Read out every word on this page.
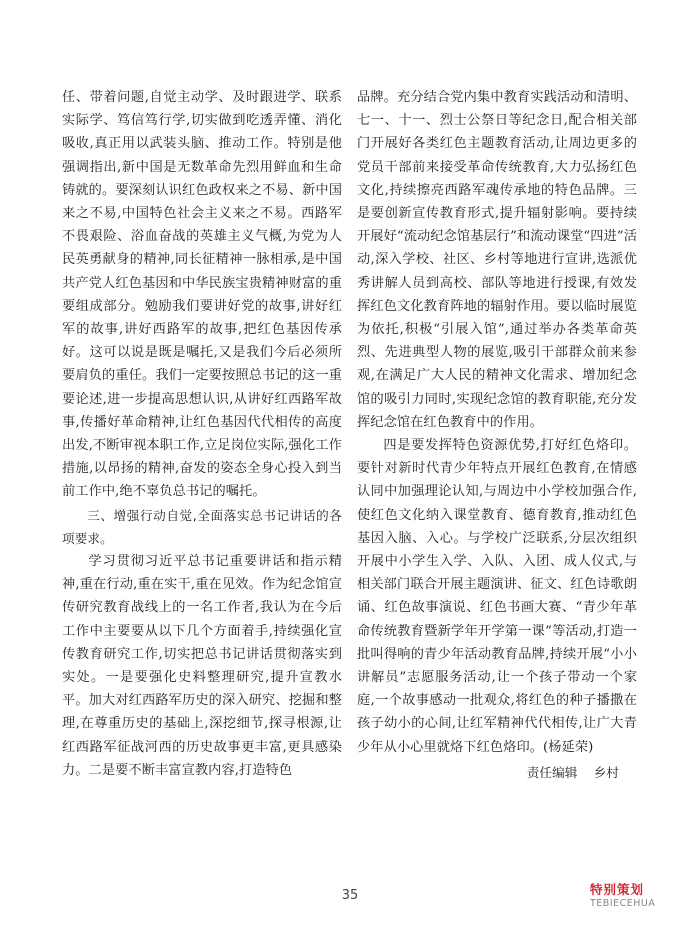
任、带着问题,自觉主动学、及时跟进学、联系实际学、笃信笃行学,切实做到吃透弄懂、消化吸收,真正用以武装头脑、推动工作。特别是他强调指出,新中国是无数革命先烈用鲜血和生命铸就的。要深刻认识红色政权来之不易、新中国来之不易,中国特色社会主义来之不易。西路军不畏艰险、浴血奋战的英雄主义气概,为党为人民英勇献身的精神,同长征精神一脉相承,是中国共产党人红色基因和中华民族宝贵精神财富的重要组成部分。勉励我们要讲好党的故事,讲好红军的故事,讲好西路军的故事,把红色基因传承好。这可以说是既是嘱托,又是我们今后必须所要肩负的重任。我们一定要按照总书记的这一重要论述,进一步提高思想认识,从讲好红西路军故事,传播好革命精神,让红色基因代代相传的高度出发,不断审视本职工作,立足岗位实际,强化工作措施,以昂扬的精神,奋发的姿态全身心投入到当前工作中,绝不辜负总书记的嘱托。

三、增强行动自觉,全面落实总书记讲话的各项要求。

学习贯彻习近平总书记重要讲话和指示精神,重在行动,重在实干,重在见效。作为纪念馆宣传研究教育战线上的一名工作者,我认为在今后工作中主要要从以下几个方面着手,持续强化宣传教育研究工作,切实把总书记讲话贯彻落实到实处。一是要强化史料整理研究,提升宣教水平。加大对红西路军历史的深入研究、挖掘和整理,在尊重历史的基础上,深挖细节,探寻根源,让红西路军征战河西的历史故事更丰富,更具感染力。二是要不断丰富宣教内容,打造特色

品牌。充分结合党内集中教育实践活动和清明、七一、十一、烈士公祭日等纪念日,配合相关部门开展好各类红色主题教育活动,让周边更多的党员干部前来接受革命传统教育,大力弘扬红色文化,持续擦亮西路军魂传承地的特色品牌。三是要创新宣传教育形式,提升辐射影响。要持续开展好“流动纪念馆基层行”和流动课堂“四进”活动,深入学校、社区、乡村等地进行宣讲,选派优秀讲解人员到高校、部队等地进行授课,有效发挥红色文化教育阵地的辐射作用。要以临时展览为依托,积极“引展入馆”,通过举办各类革命英烈、先进典型人物的展览,吸引干部群众前来参观,在满足广大人民的精神文化需求、增加纪念馆的吸引力同时,实现纪念馆的教育职能,充分发挥纪念馆在红色教育中的作用。

四是要发挥特色资源优势,打好红色烙印。要针对新时代青少年特点开展红色教育,在情感认同中加强理论认知,与周边中小学校加强合作,使红色文化纳入课堂教育、德育教育,推动红色基因入脑、入心。与学校广泛联系,分层次组织开展中小学生入学、入队、入团、成人仪式,与相关部门联合开展主题演讲、征文、红色诗歌朗诵、红色故事演说、红色书画大赛、“青少年革命传统教育暨新学年开学第一课”等活动,打造一批叫得响的青少年活动教育品牌,持续开展“小小讲解员”志愿服务活动,让一个孩子带动一个家庭,一个故事感动一批观众,将红色的种子播撒在孩子幼小的心间,让红军精神代代相传,让广大青少年从小心里就烙下红色烙印。(杨延荣)

责任编辑 乡村
35	特别策划
TEBIECEHUA
